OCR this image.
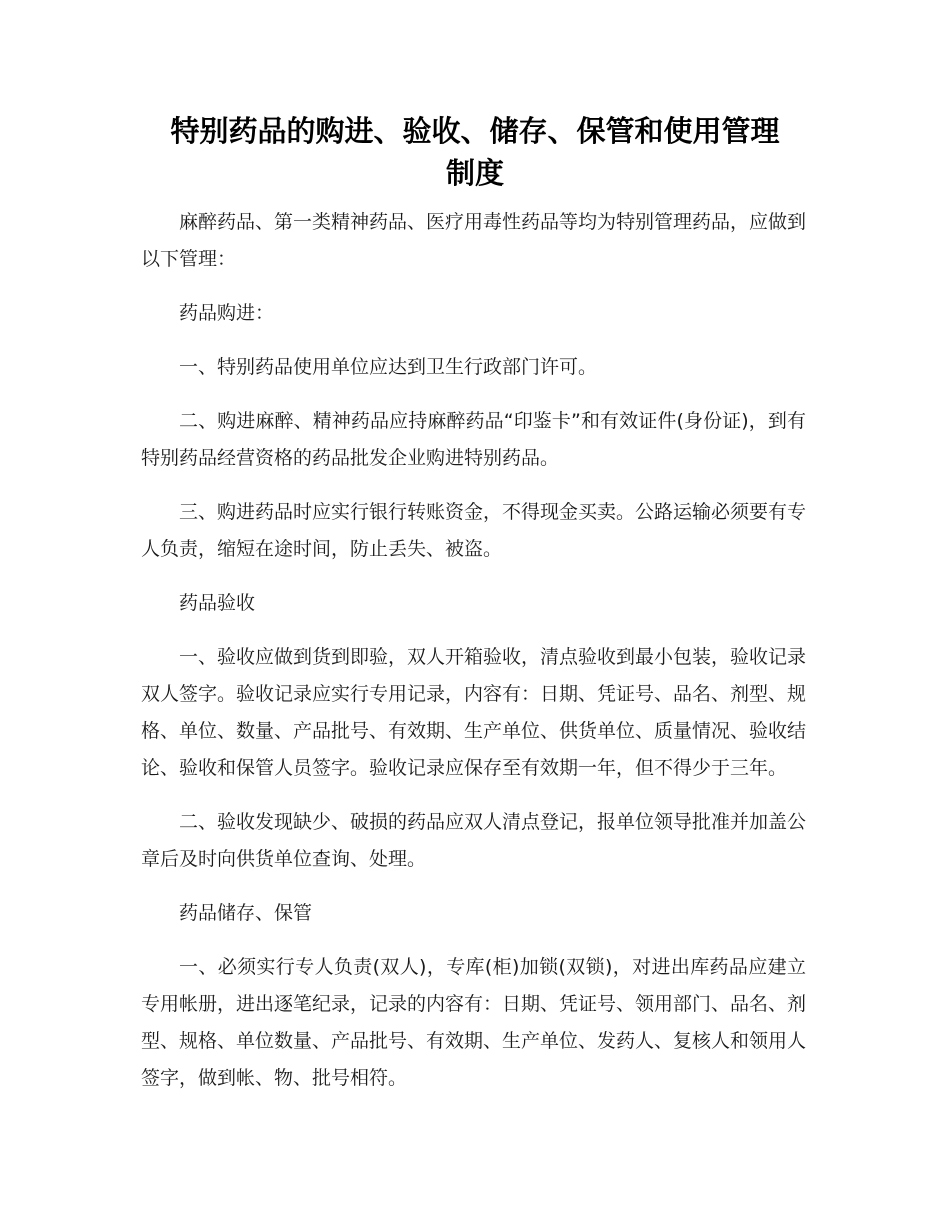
特别药品的购进、验收、储存、保管和使用管理
制度

麻醉药品、第一类精神药品、医疗用毒性药品等均为特别管理药品，应做到以下管理：

药品购进：

一、特别药品使用单位应达到卫生行政部门许可。

二、购进麻醉、精神药品应持麻醉药品“印鉴卡”和有效证件(身份证)，到有特别药品经营资格的药品批发企业购进特别药品。

三、购进药品时应实行银行转账资金，不得现金买卖。公路运输必须要有专人负责，缩短在途时间，防止丢失、被盗。

药品验收

一、验收应做到货到即验，双人开箱验收，清点验收到最小包装，验收记录双人签字。验收记录应实行专用记录，内容有：日期、凭证号、品名、剂型、规格、单位、数量、产品批号、有效期、生产单位、供货单位、质量情况、验收结论、验收和保管人员签字。验收记录应保存至有效期一年，但不得少于三年。

二、验收发现缺少、破损的药品应双人清点登记，报单位领导批准并加盖公章后及时向供货单位查询、处理。

药品储存、保管

一、必须实行专人负责(双人)，专库(柜)加锁(双锁)，对进出库药品应建立专用帐册，进出逐笔纪录，记录的内容有：日期、凭证号、领用部门、品名、剂型、规格、单位数量、产品批号、有效期、生产单位、发药人、复核人和领用人签字，做到帐、物、批号相符。
